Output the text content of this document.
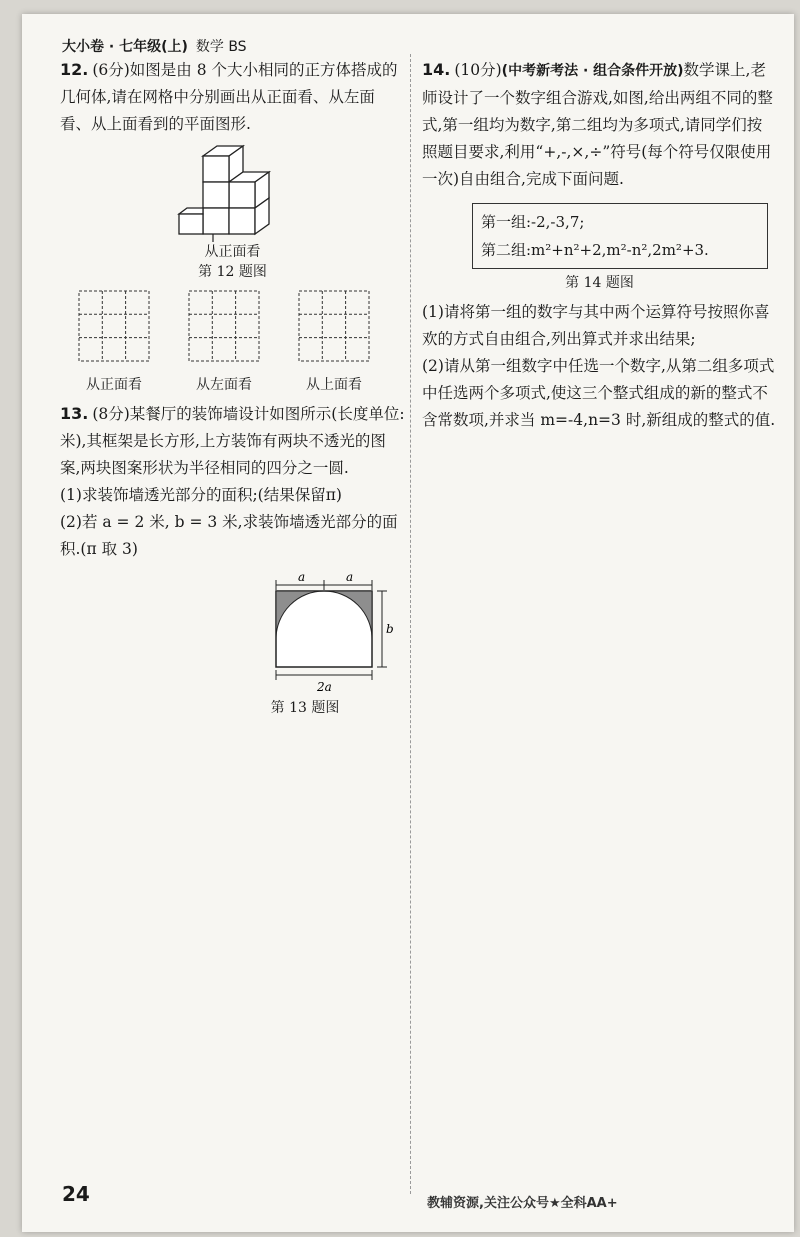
大小卷 · 七年级(上) 数学 BS

12. (6分)如图是由 8 个大小相同的正方体搭成的几何体,请在网格中分别画出从正面看、从左面看、从上面看到的平面图形.

从正面看
第 12 题图
从正面看	从左面看	从上面看

13. (8分)某餐厅的装饰墙设计如图所示(长度单位:米),其框架是长方形,上方装饰有两块不透光的图案,两块图案形状为半径相同的四分之一圆.

(1)求装饰墙透光部分的面积;(结果保留π)

(2)若 a = 2 米, b = 3 米,求装饰墙透光部分的面积.(π 取 3)

a	a
b
2a
第 13 题图

14. (10分)(中考新考法 · 组合条件开放)数学课上,老师设计了一个数字组合游戏,如图,给出两组不同的整式,第一组均为数字,第二组均为多项式,请同学们按照题目要求,利用“+,-,×,÷”符号(每个符号仅限使用一次)自由组合,完成下面问题.

第一组:-2,-3,7;
第二组:m²+n²+2,m²-n²,2m²+3.
第 14 题图

(1)请将第一组的数字与其中两个运算符号按照你喜欢的方式自由组合,列出算式并求出结果;

(2)请从第一组数字中任选一个数字,从第二组多项式中任选两个多项式,使这三个整式组成的新的整式不含常数项,并求当 m=-4,n=3 时,新组成的整式的值.

24	教辅资源,关注公众号★全科AA+
